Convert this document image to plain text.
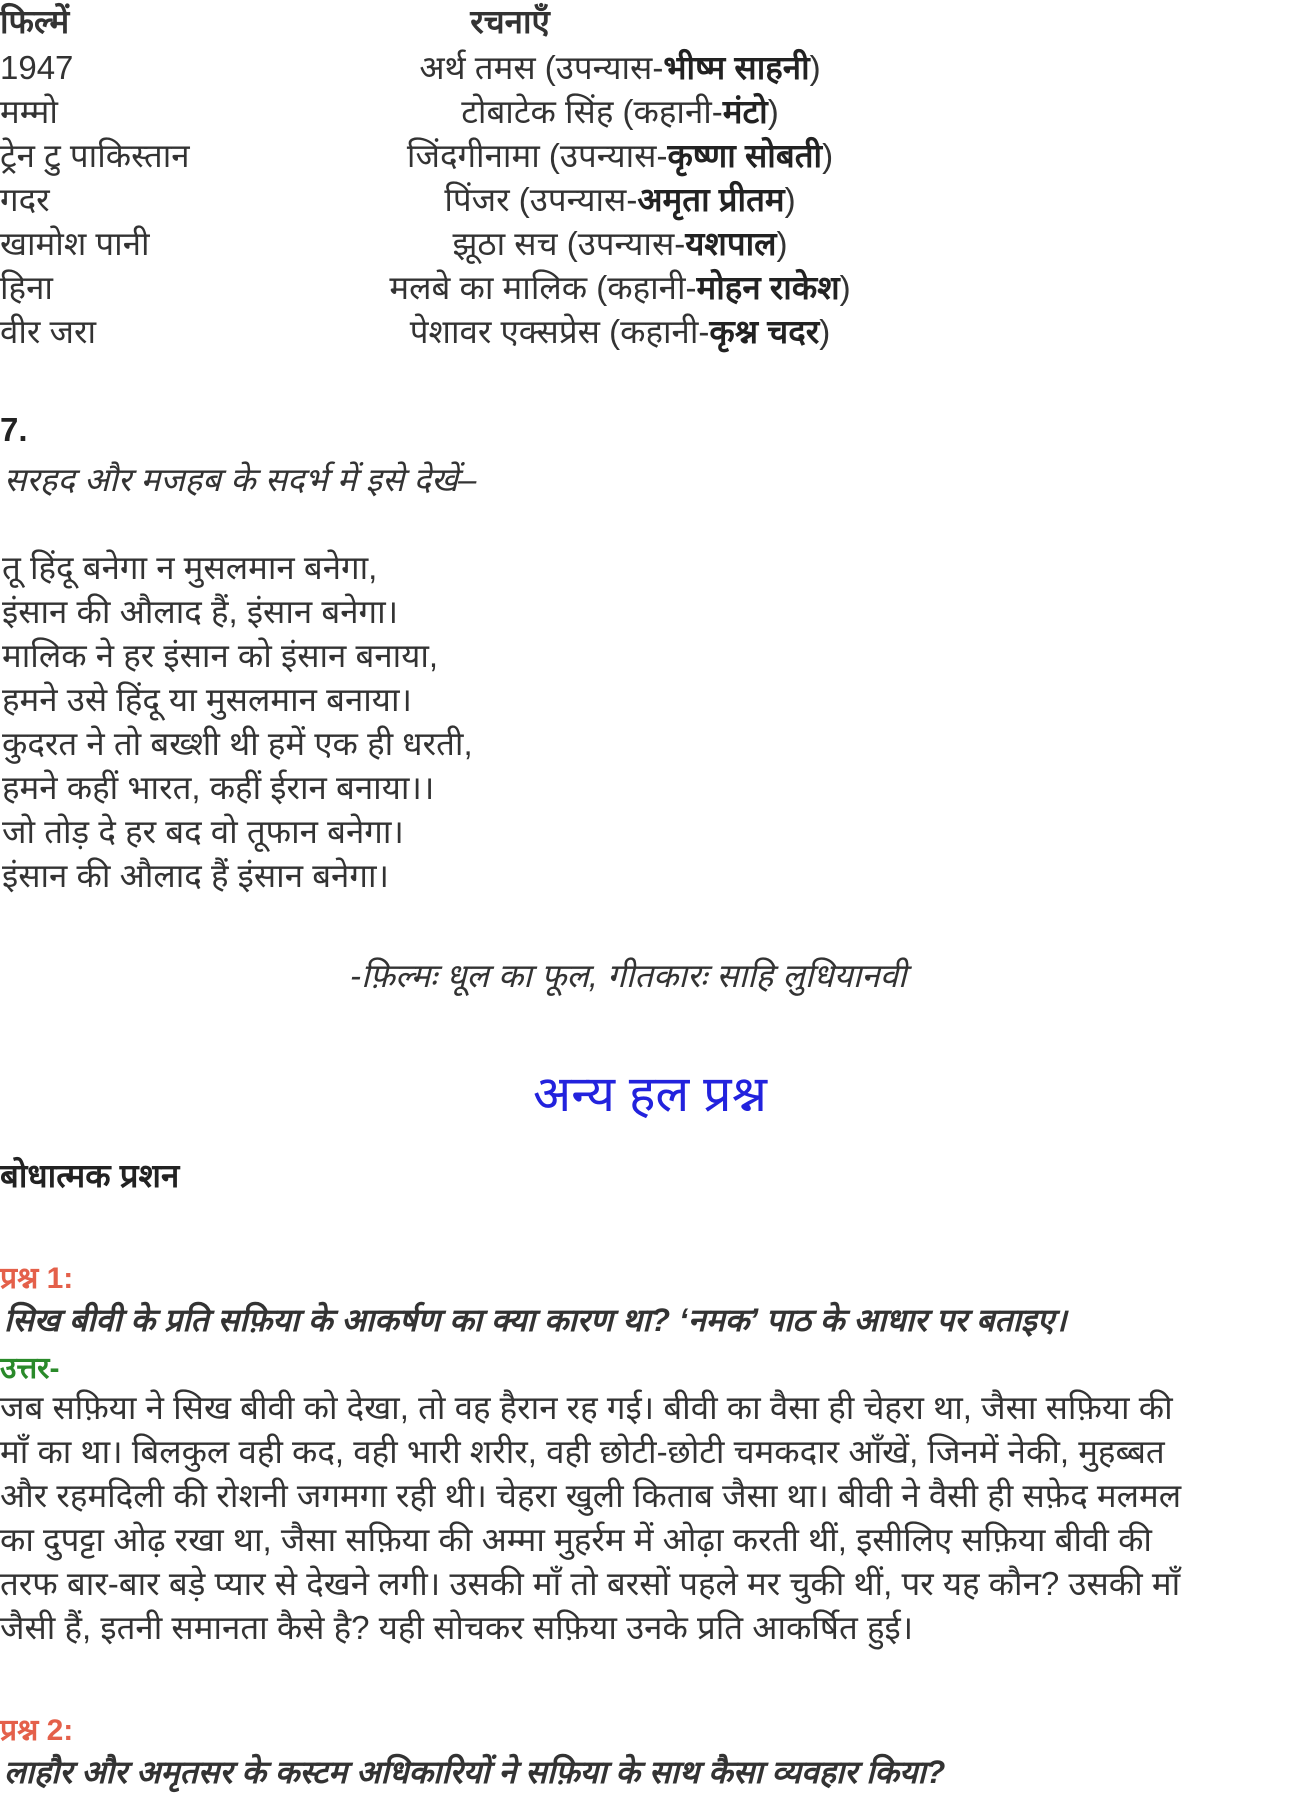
फिल्में	रचनाएँ
1947	अर्थ तमस (उपन्यास-भीष्म साहनी)
मम्मो	टोबाटेक सिंह (कहानी-मंटो)
ट्रेन टु पाकिस्तान	जिंदगीनामा (उपन्यास-कृष्णा सोबती)
गदर	पिंजर (उपन्यास-अमृता प्रीतम)
खामोश पानी	झूठा सच (उपन्यास-यशपाल)
हिना	मलबे का मालिक (कहानी-मोहन राकेश)
वीर जरा	पेशावर एक्सप्रेस (कहानी-कृश्न चदर)
7.
सरहद और मजहब के सदर्भ में इसे देखें–
तू हिंदू बनेगा न मुसलमान बनेगा,
इंसान की औलाद हैं, इंसान बनेगा।
मालिक ने हर इंसान को इंसान बनाया,
हमने उसे हिंदू या मुसलमान बनाया।
कुदरत ने तो बख्शी थी हमें एक ही धरती,
हमने कहीं भारत, कहीं ईरान बनाया।।
जो तोड़ दे हर बद वो तूफान बनेगा।
इंसान की औलाद हैं इंसान बनेगा।
-फ़िल्मः धूल का फूल, गीतकारः साहि लुधियानवी
अन्य हल प्रश्न
बोधात्मक प्रशन
प्रश्न 1:
सिख बीवी के प्रति सफ़िया के आकर्षण का क्या कारण था? ‘नमक’ पाठ के आधार पर बताइए।
उत्तर-
जब सफ़िया ने सिख बीवी को देखा, तो वह हैरान रह गई। बीवी का वैसा ही चेहरा था, जैसा सफ़िया की
माँ का था। बिलकुल वही कद, वही भारी शरीर, वही छोटी-छोटी चमकदार आँखें, जिनमें नेकी, मुहब्बत
और रहमदिली की रोशनी जगमगा रही थी। चेहरा खुली किताब जैसा था। बीवी ने वैसी ही सफ़ेद मलमल
का दुपट्टा ओढ़ रखा था, जैसा सफ़िया की अम्मा मुहर्रम में ओढ़ा करती थीं, इसीलिए सफ़िया बीवी की
तरफ बार-बार बड़े प्यार से देखने लगी। उसकी माँ तो बरसों पहले मर चुकी थीं, पर यह कौन? उसकी माँ
जैसी हैं, इतनी समानता कैसे है? यही सोचकर सफ़िया उनके प्रति आकर्षित हुई।
प्रश्न 2:
लाहौर और अमृतसर के कस्टम अधिकारियों ने सफ़िया के साथ कैसा व्यवहार किया?
